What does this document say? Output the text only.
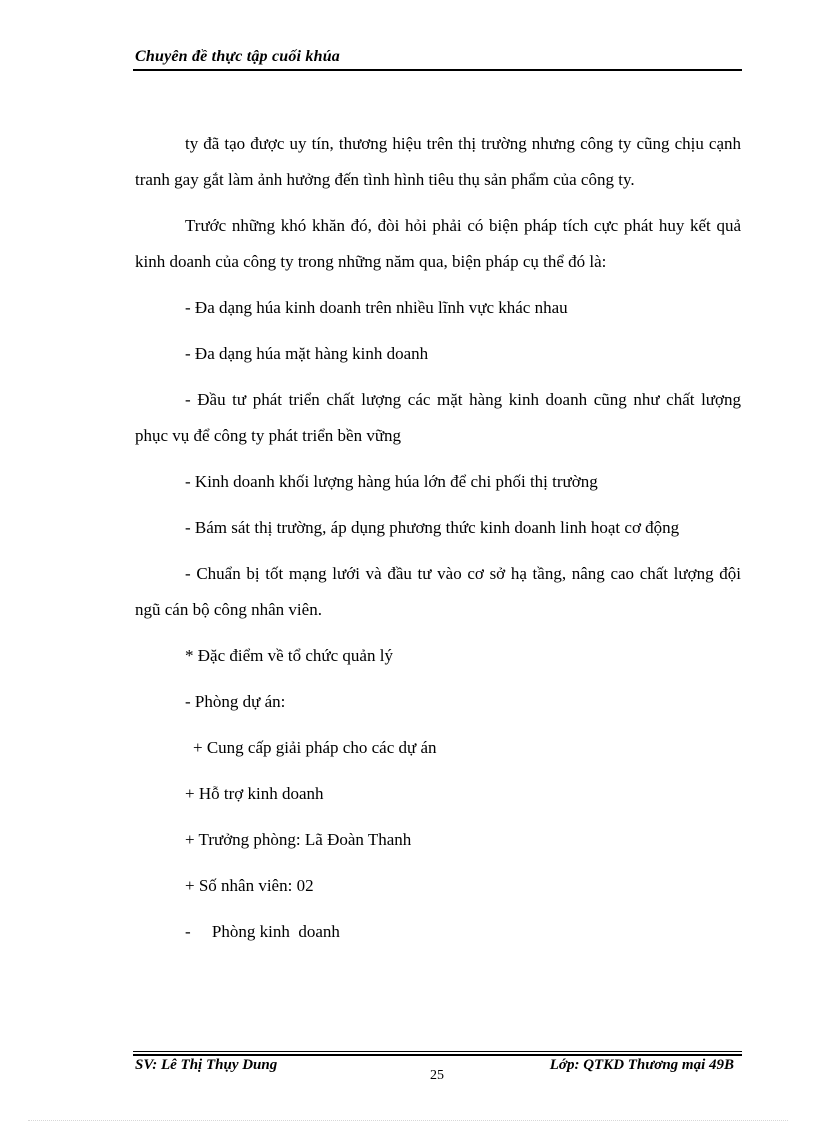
Chuyên đề thực tập cuối khúa

ty đã tạo được uy tín, thương hiệu trên thị trường nhưng công ty cũng chịu cạnh tranh gay gắt làm ảnh hưởng đến tình hình tiêu thụ sản phẩm của công ty.

Trước những khó khăn đó, đòi hỏi phải có biện pháp tích cực phát huy kết quả kinh doanh của công ty trong những năm qua, biện pháp cụ thể đó là:

- Đa dạng húa kinh doanh trên nhiều lĩnh vực khác nhau

- Đa dạng húa mặt hàng kinh doanh

- Đầu tư phát triển chất lượng các mặt hàng kinh doanh cũng như chất lượng phục vụ để công ty phát triển bền vững

- Kinh doanh khối lượng hàng húa lớn để chi phối thị trường

- Bám sát thị trường, áp dụng phương thức kinh doanh linh hoạt cơ động

- Chuẩn bị tốt mạng lưới và đầu tư vào cơ sở hạ tầng, nâng cao chất lượng đội ngũ cán bộ công nhân viên.

* Đặc điểm về tổ chức quản lý

- Phòng dự án:

+ Cung cấp giải pháp cho các dự án

+ Hỗ trợ kinh doanh

+ Trưởng phòng: Lã Đoàn Thanh

+ Số nhân viên: 02

-     Phòng kinh  doanh

SV: Lê Thị Thụy Dung
25
Lớp: QTKD Thương mại 49B
